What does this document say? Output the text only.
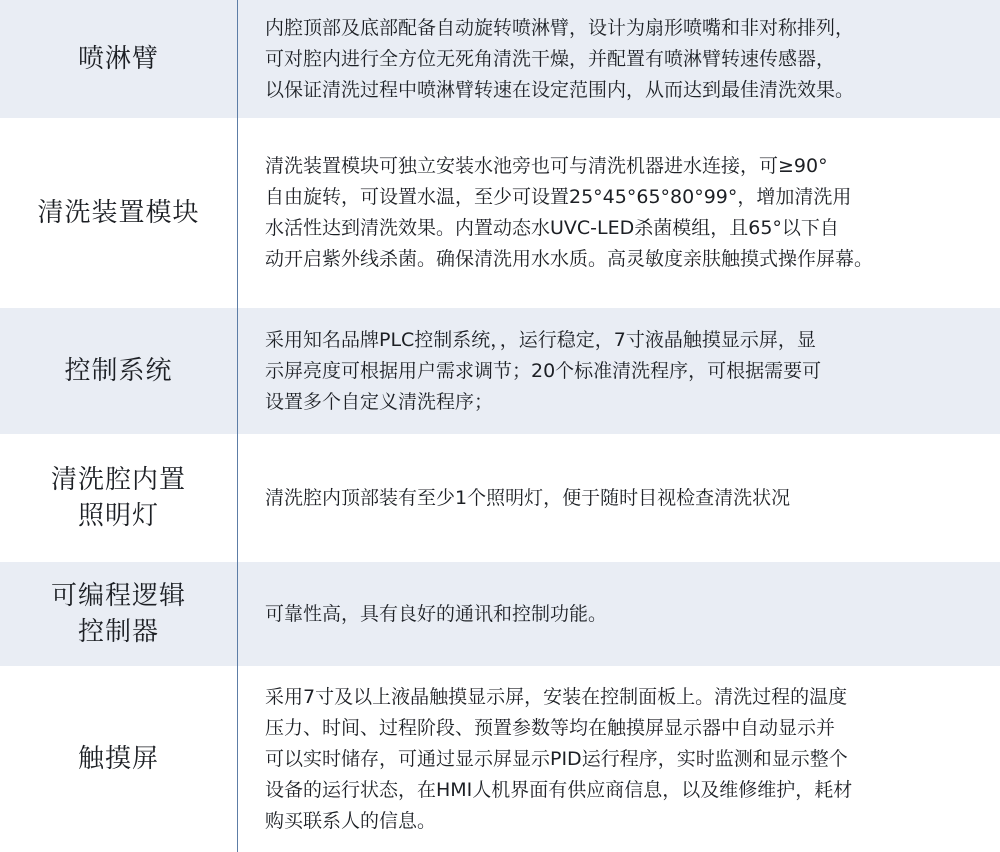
喷淋臂
内腔顶部及底部配备自动旋转喷淋臂，设计为扇形喷嘴和非对称排列，
可对腔内进行全方位无死角清洗干燥，并配置有喷淋臂转速传感器，
以保证清洗过程中喷淋臂转速在设定范围内，从而达到最佳清洗效果。
清洗装置模块
清洗装置模块可独立安装水池旁也可与清洗机器进水连接，可≥90°
自由旋转，可设置水温，至少可设置25°45°65°80°99°，增加清洗用
水活性达到清洗效果。内置动态水UVC-LED杀菌模组，且65°以下自
动开启紫外线杀菌。确保清洗用水水质。高灵敏度亲肤触摸式操作屏幕。
控制系统
采用知名品牌PLC控制系统，，运行稳定，7寸液晶触摸显示屏，显
示屏亮度可根据用户需求调节；20个标准清洗程序，可根据需要可
设置多个自定义清洗程序；
清洗腔内置
照明灯
清洗腔内顶部装有至少1个照明灯，便于随时目视检查清洗状况
可编程逻辑
控制器
可靠性高，具有良好的通讯和控制功能。
触摸屏
采用7寸及以上液晶触摸显示屏，安装在控制面板上。清洗过程的温度
压力、时间、过程阶段、预置参数等均在触摸屏显示器中自动显示并
可以实时储存，可通过显示屏显示PID运行程序，实时监测和显示整个
设备的运行状态，在HMI人机界面有供应商信息，以及维修维护，耗材
购买联系人的信息。
